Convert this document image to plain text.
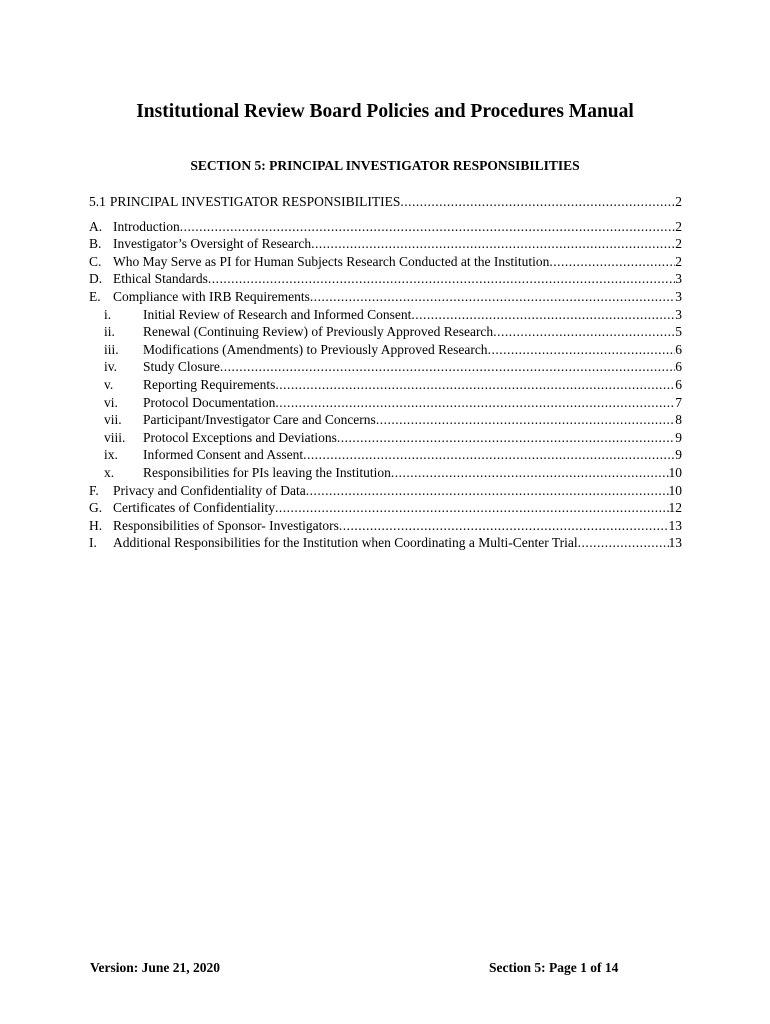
Institutional Review Board Policies and Procedures Manual
SECTION 5: PRINCIPAL INVESTIGATOR RESPONSIBILITIES
5.1 PRINCIPAL INVESTIGATOR RESPONSIBILITIES .....	2
A. Introduction .....	2
B. Investigator’s Oversight of Research .....	2
C. Who May Serve as PI for Human Subjects Research Conducted at the Institution .....	2
D. Ethical Standards .....	3
E. Compliance with IRB Requirements .....	3
i.	Initial Review of Research and Informed Consent .....	3
ii.	Renewal (Continuing Review) of Previously Approved Research .....	5
iii.	Modifications (Amendments) to Previously Approved Research .....	6
iv.	Study Closure .....	6
v.	Reporting Requirements .....	6
vi.	Protocol Documentation .....	7
vii.	Participant/Investigator Care and Concerns .....	8
viii.	Protocol Exceptions and Deviations .....	9
ix.	Informed Consent and Assent .....	9
x.	Responsibilities for PIs leaving the Institution .....	10
F.	Privacy and Confidentiality of Data .....	10
G. Certificates of Confidentiality .....	12
H. Responsibilities of Sponsor- Investigators .....	13
I.	Additional Responsibilities for the Institution when Coordinating a Multi-Center Trial .....	13
Version: June 21, 2020	Section 5: Page 1 of 14
